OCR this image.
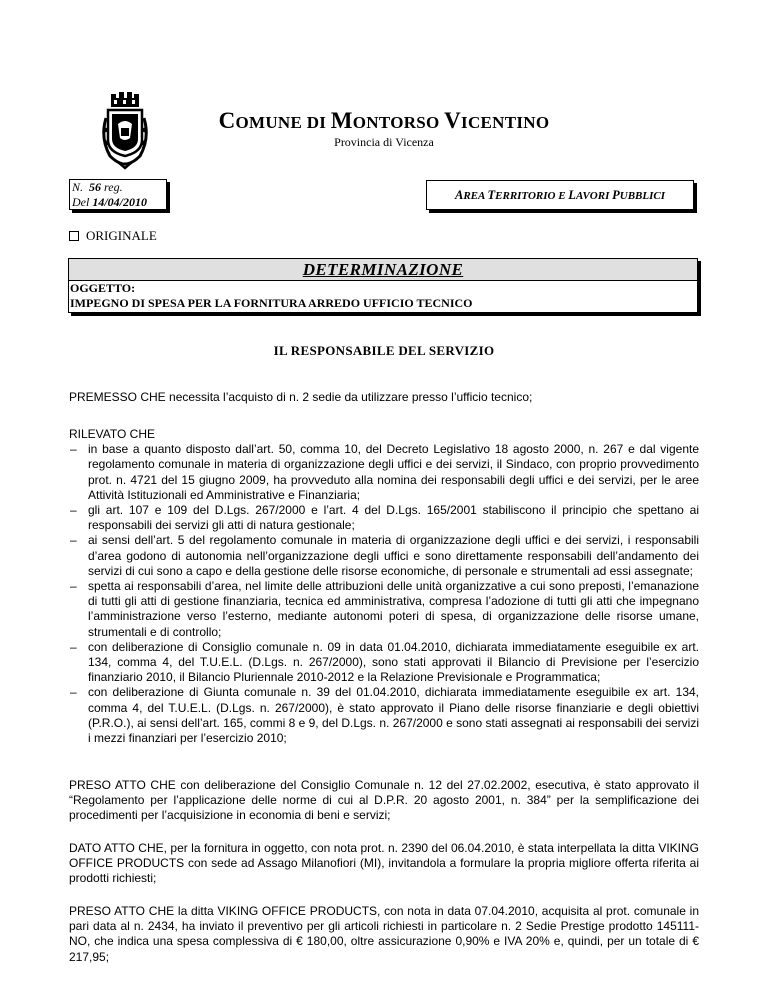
COMUNE DI MONTORSO VICENTINO
Provincia di Vicenza
N. 56 reg.
Del 14/04/2010	AREA TERRITORIO E LAVORI PUBBLICI
ORIGINALE
DETERMINAZIONE
OGGETTO:
IMPEGNO DI SPESA PER LA FORNITURA ARREDO UFFICIO TECNICO
IL RESPONSABILE DEL SERVIZIO

PREMESSO CHE necessita l’acquisto di n. 2 sedie da utilizzare presso l’ufficio tecnico;

RILEVATO CHE

– in base a quanto disposto dall’art. 50, comma 10, del Decreto Legislativo 18 agosto 2000, n. 267 e dal vigente regolamento comunale in materia di organizzazione degli uffici e dei servizi, il Sindaco, con proprio provvedimento prot. n. 4721 del 15 giugno 2009, ha provveduto alla nomina dei responsabili degli uffici e dei servizi, per le aree Attività Istituzionali ed Amministrative e Finanziaria;
– gli art. 107 e 109 del D.Lgs. 267/2000 e l’art. 4 del D.Lgs. 165/2001 stabiliscono il principio che spettano ai responsabili dei servizi gli atti di natura gestionale;
– ai sensi dell’art. 5 del regolamento comunale in materia di organizzazione degli uffici e dei servizi, i responsabili d’area godono di autonomia nell’organizzazione degli uffici e sono direttamente responsabili dell’andamento dei servizi di cui sono a capo e della gestione delle risorse economiche, di personale e strumentali ad essi assegnate;
– spetta ai responsabili d’area, nel limite delle attribuzioni delle unità organizzative a cui sono preposti, l’emanazione di tutti gli atti di gestione finanziaria, tecnica ed amministrativa, compresa l’adozione di tutti gli atti che impegnano l’amministrazione verso l’esterno, mediante autonomi poteri di spesa, di organizzazione delle risorse umane, strumentali e di controllo;
– con deliberazione di Consiglio comunale n. 09 in data 01.04.2010, dichiarata immediatamente eseguibile ex art. 134, comma 4, del T.U.E.L. (D.Lgs. n. 267/2000), sono stati approvati il Bilancio di Previsione per l’esercizio finanziario 2010, il Bilancio Pluriennale 2010-2012 e la Relazione Previsionale e Programmatica;
– con deliberazione di Giunta comunale n. 39 del 01.04.2010, dichiarata immediatamente eseguibile ex art. 134, comma 4, del T.U.E.L. (D.Lgs. n. 267/2000), è stato approvato il Piano delle risorse finanziarie e degli obiettivi (P.R.O.), ai sensi dell’art. 165, commi 8 e 9, del D.Lgs. n. 267/2000 e sono stati assegnati ai responsabili dei servizi i mezzi finanziari per l’esercizio 2010;

PRESO ATTO CHE con deliberazione del Consiglio Comunale n. 12 del 27.02.2002, esecutiva, è stato approvato il “Regolamento per l’applicazione delle norme di cui al D.P.R. 20 agosto 2001, n. 384” per la semplificazione dei procedimenti per l’acquisizione in economia di beni e servizi;

DATO ATTO CHE, per la fornitura in oggetto, con nota prot. n. 2390 del 06.04.2010, è stata interpellata la ditta VIKING OFFICE PRODUCTS con sede ad Assago Milanofiori (MI), invitandola a formulare la propria migliore offerta riferita ai prodotti richiesti;

PRESO ATTO CHE la ditta VIKING OFFICE PRODUCTS, con nota in data 07.04.2010, acquisita al prot. comunale in pari data al n. 2434, ha inviato il preventivo per gli articoli richiesti in particolare n. 2 Sedie Prestige prodotto 145111-NO, che indica una spesa complessiva di € 180,00, oltre assicurazione 0,90% e IVA 20% e, quindi, per un totale di € 217,95;
